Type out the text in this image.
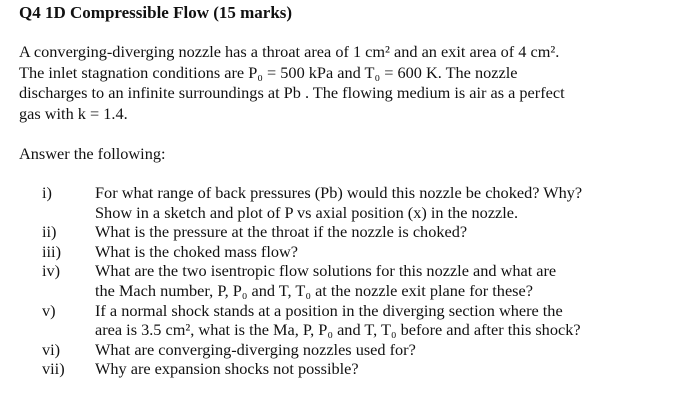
Q4 1D Compressible Flow (15 marks)
A converging-diverging nozzle has a throat area of 1 cm² and an exit area of 4 cm².
The inlet stagnation conditions are P₀ = 500 kPa and T₀ = 600 K. The nozzle
discharges to an infinite surroundings at Pb . The flowing medium is air as a perfect
gas with k = 1.4.
Answer the following:
i)	For what range of back pressures (Pb) would this nozzle be choked? Why?
Show in a sketch and plot of P vs axial position (x) in the nozzle.
ii) What is the pressure at the throat if the nozzle is choked?
iii) What is the choked mass flow?
iv) What are the two isentropic flow solutions for this nozzle and what are
the Mach number, P, P₀ and T, T₀ at the nozzle exit plane for these?
v) If a normal shock stands at a position in the diverging section where the
area is 3.5 cm², what is the Ma, P, P₀ and T, T₀ before and after this shock?
vi) What are converging-diverging nozzles used for?
vii) Why are expansion shocks not possible?
